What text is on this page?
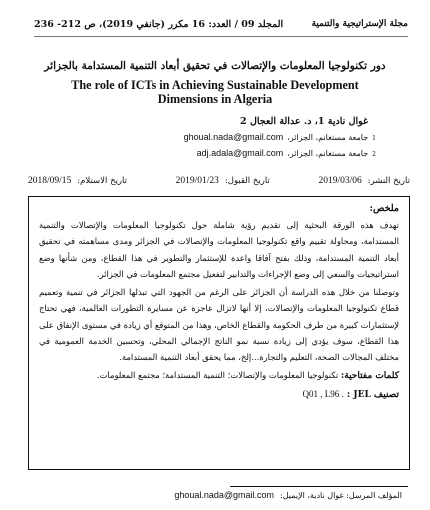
المجلد 09 / العدد: 16 مكرر (جانفي 2019)، ص 212- 236	مجلة الإستراتيجية والتنمية
دور تكنولوجيا المعلومات والإتصالات في تحقيق أبعاد التنمية المستدامة بالجزائر
The role of ICTs in Achieving Sustainable Development Dimensions in Algeria
غوال نادية 1، د. عدالة العجال 2
1
جامعة مستغانم، الجزائر،
ghoual.nada@gmail.com
2
جامعة مستغانم، الجزائر،
adj.adala@gmail.com
تاريخ الاستلام:
2018/09/15	تاريخ القبول:
2019/01/23	تاريخ النشر:
2019/03/06
ملخص:

تهدف هذه الورقة البحثية إلى تقديم رؤية شاملة حول تكنولوجيا المعلومات والإتصالات والتنمية المستدامة، ومحاولة تقييم واقع تكنولوجيا المعلومات والإتصالات في الجزائر ومدى مساهمته في تحقيق أبعاد التنمية المستدامة، وذلك بفتح آفاقا واعدة للإستثمار والتطوير في هذا القطاع، ومن شأنها وضع استراتيجيات والسعي إلى وضع الإجراءات والتدابير لتفعيل مجتمع المعلومات في الجزائر.

وتوصلنا من خلال هذه الدراسة أن الجزائر على الرغم من الجهود التي تبذلها الجزائر في تنمية وتعميم قطاع تكنولوجيا المعلومات والإتصالات، إلا أنها لاتزال عاجزة عن مسايرة التطورات العالمية، فهي تحتاج لإستثمارات كبيرة من طرف الحكومة والقطاع الخاص، وهذا من المتوقع أي زيادة في مستوى الإنفاق على هذا القطاع، سوف يؤدي إلى زيادة نسبة نمو الناتج الإجمالي المحلي، وتحسين الخدمة العمومية في مختلف المجالات الصحة، التعليم والتجارة...إلخ، مما يحقق أبعاد التنمية المستدامة.

كلمات مفتاحية: تكنولوجيا المعلومات والإتصالات؛ التنمية المستدامة؛ مجتمع المعلومات.
تصنيف JEL : Q01 , L96 .
المؤلف المرسل: غوال نادية، الإيميل:
ghoual.nada@gmail.com
